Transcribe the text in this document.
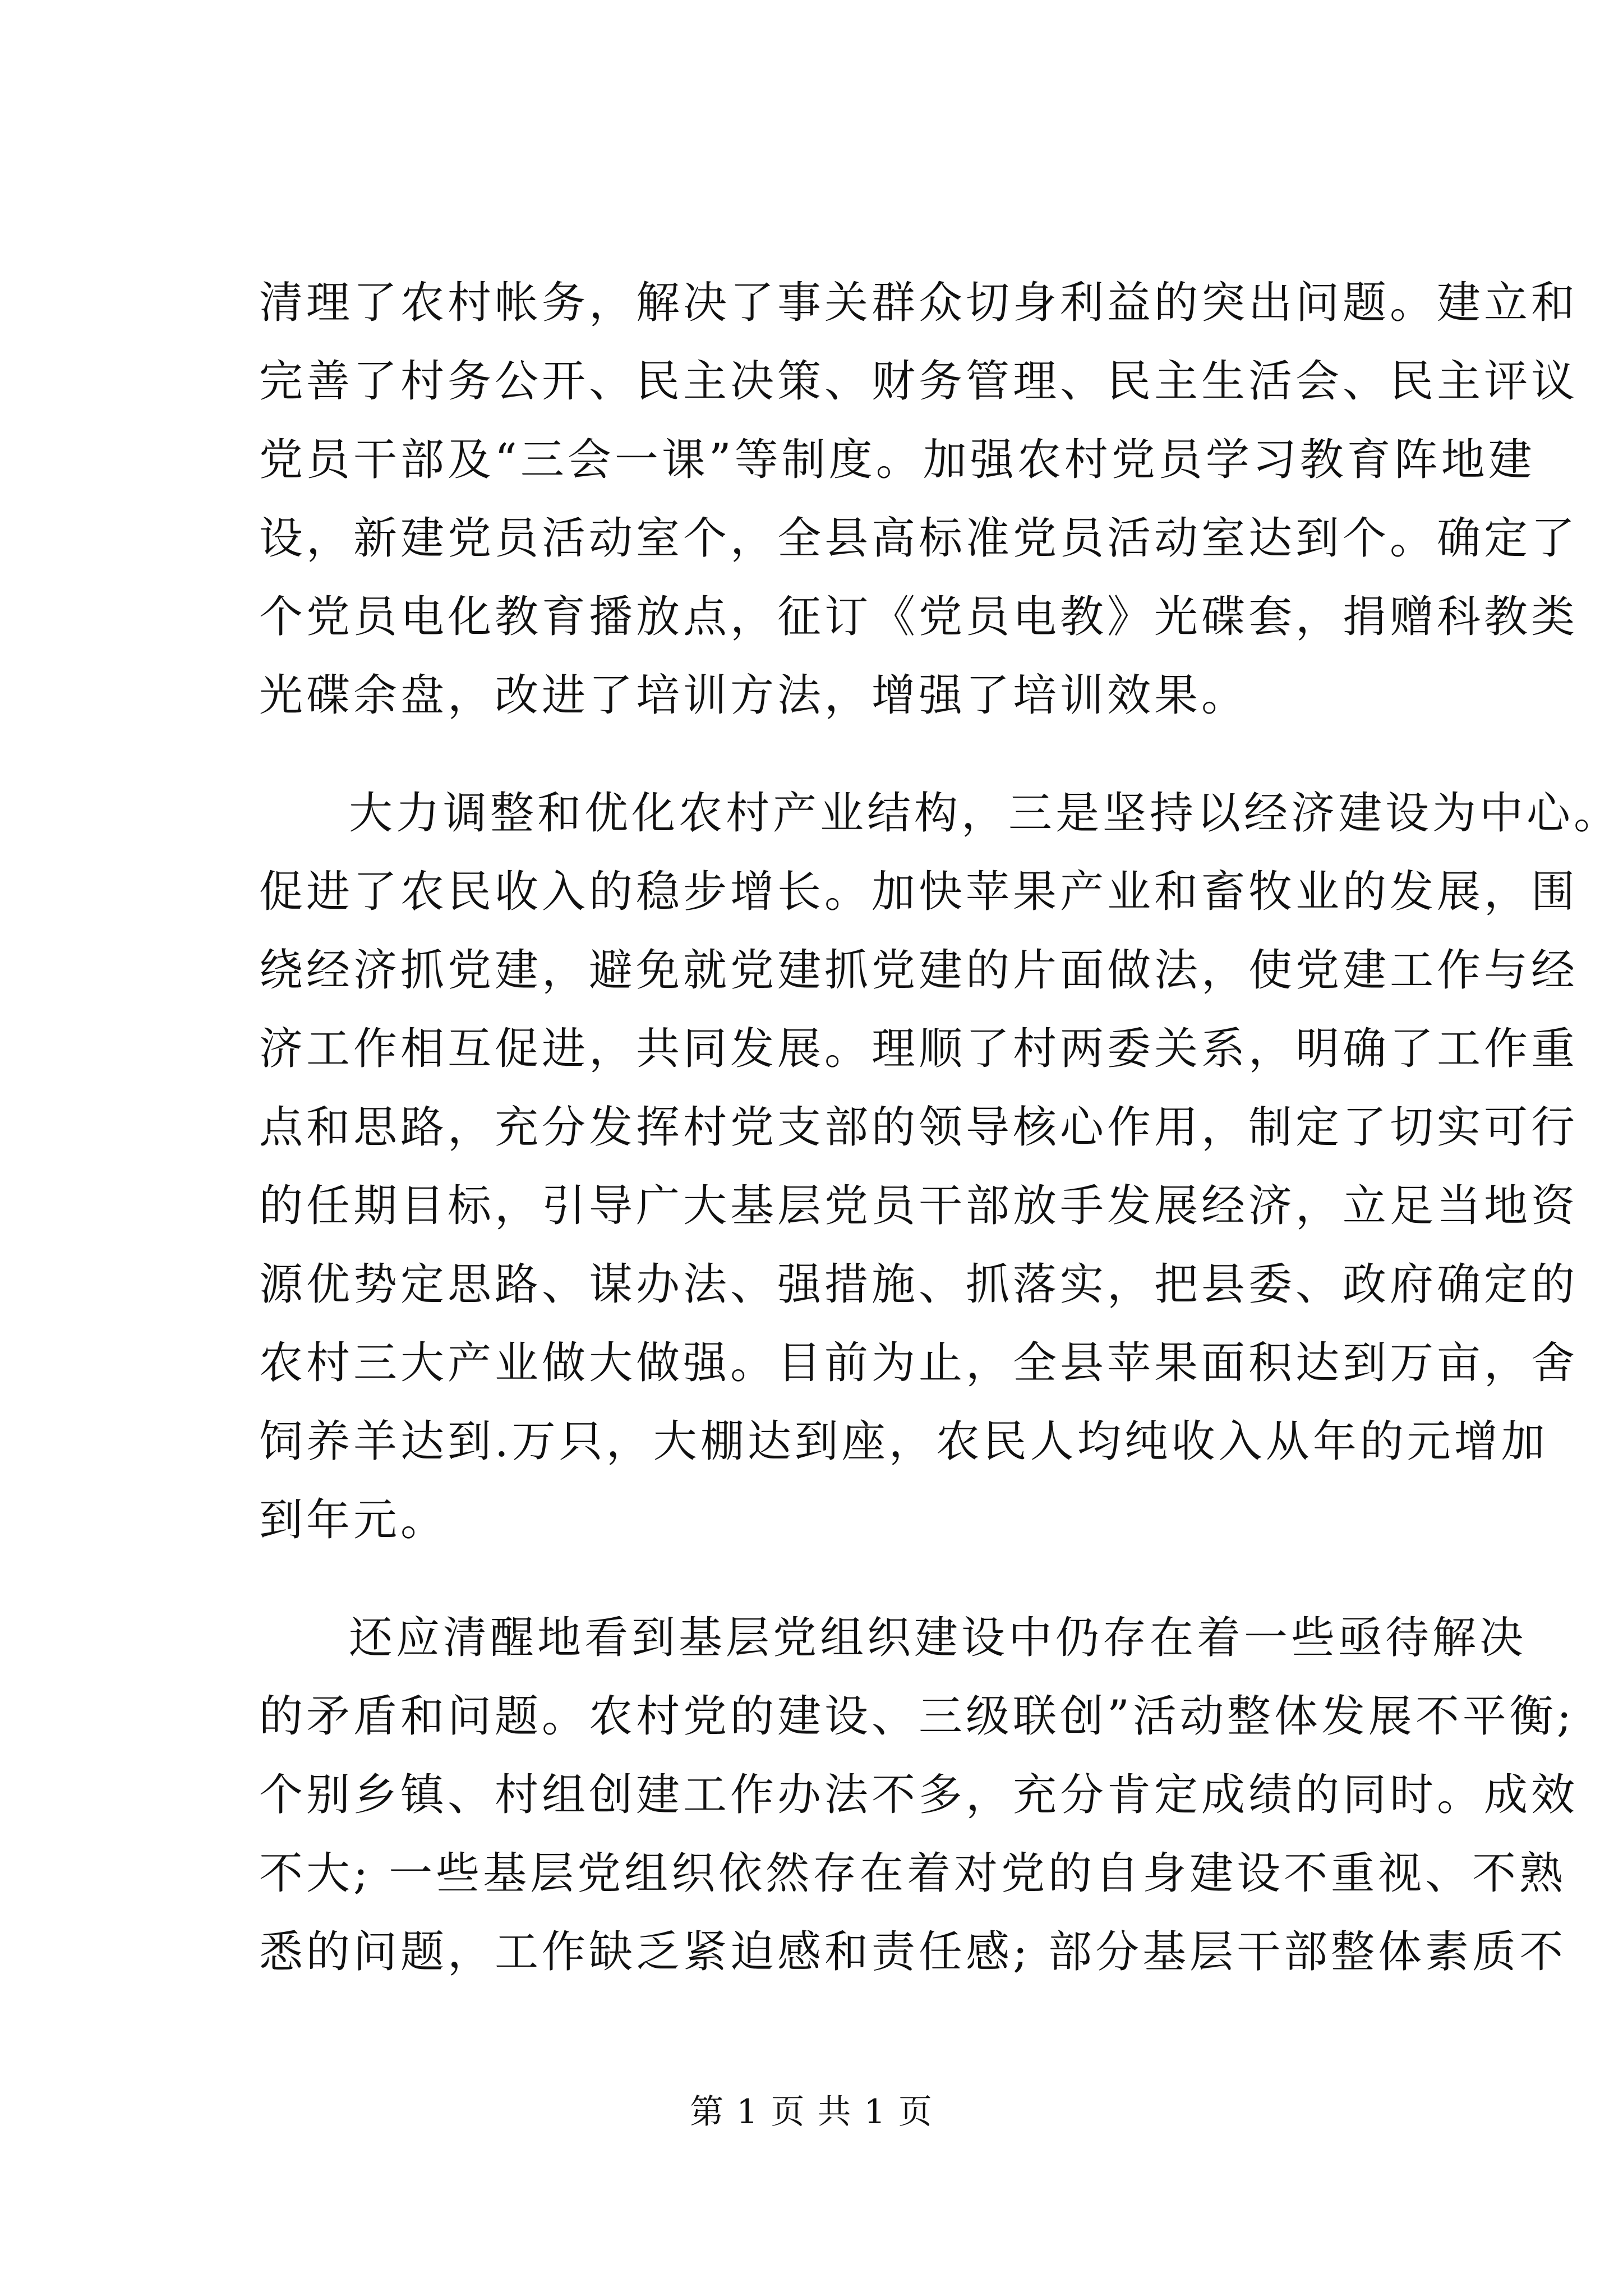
清理了农村帐务，解决了事关群众切身利益的突出问题。建立和
完善了村务公开、民主决策、财务管理、民主生活会、民主评议
党员干部及“三会一课”等制度。加强农村党员学习教育阵地建
设，新建党员活动室个，全县高标准党员活动室达到个。确定了
个党员电化教育播放点，征订《党员电教》光碟套，捐赠科教类
光碟余盘，改进了培训方法，增强了培训效果。
大力调整和优化农村产业结构，三是坚持以经济建设为中心。
促进了农民收入的稳步增长。加快苹果产业和畜牧业的发展，围
绕经济抓党建，避免就党建抓党建的片面做法，使党建工作与经
济工作相互促进，共同发展。理顺了村两委关系，明确了工作重
点和思路，充分发挥村党支部的领导核心作用，制定了切实可行
的任期目标，引导广大基层党员干部放手发展经济，立足当地资
源优势定思路、谋办法、强措施、抓落实，把县委、政府确定的
农村三大产业做大做强。目前为止，全县苹果面积达到万亩，舍
饲养羊达到.万只，大棚达到座，农民人均纯收入从年的元增加
到年元。
还应清醒地看到基层党组织建设中仍存在着一些亟待解决
的矛盾和问题。农村党的建设、三级联创”活动整体发展不平衡;
个别乡镇、村组创建工作办法不多，充分肯定成绩的同时。成效
不大; 一些基层党组织依然存在着对党的自身建设不重视、不熟
悉的问题，工作缺乏紧迫感和责任感; 部分基层干部整体素质不
第 1 页 共 1 页
